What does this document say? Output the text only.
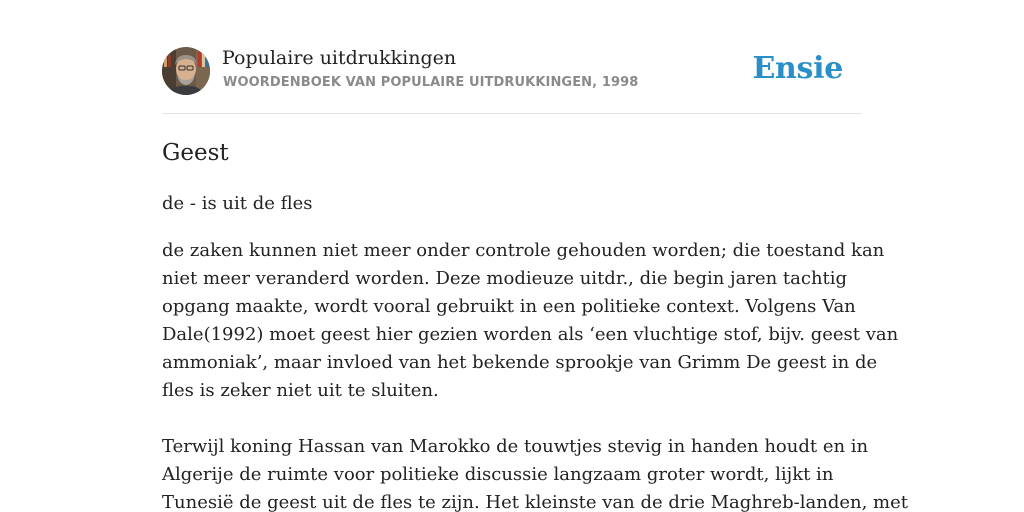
Populaire uitdrukkingen
WOORDENBOEK VAN POPULAIRE UITDRUKKINGEN, 1998	Ensie
Geest
de - is uit de fles

de zaken kunnen niet meer onder controle gehouden worden; die toestand kan
niet meer veranderd worden. Deze modieuze uitdr., die begin jaren tachtig
opgang maakte, wordt vooral gebruikt in een politieke context. Volgens Van
Dale(1992) moet geest hier gezien worden als ‘een vluchtige stof, bijv. geest van
ammoniak’, maar invloed van het bekende sprookje van Grimm De geest in de
fles is zeker niet uit te sluiten.

Terwijl koning Hassan van Marokko de touwtjes stevig in handen houdt en in
Algerije de ruimte voor politieke discussie langzaam groter wordt, lijkt in
Tunesië de geest uit de fles te zijn. Het kleinste van de drie Maghreb-landen, met
